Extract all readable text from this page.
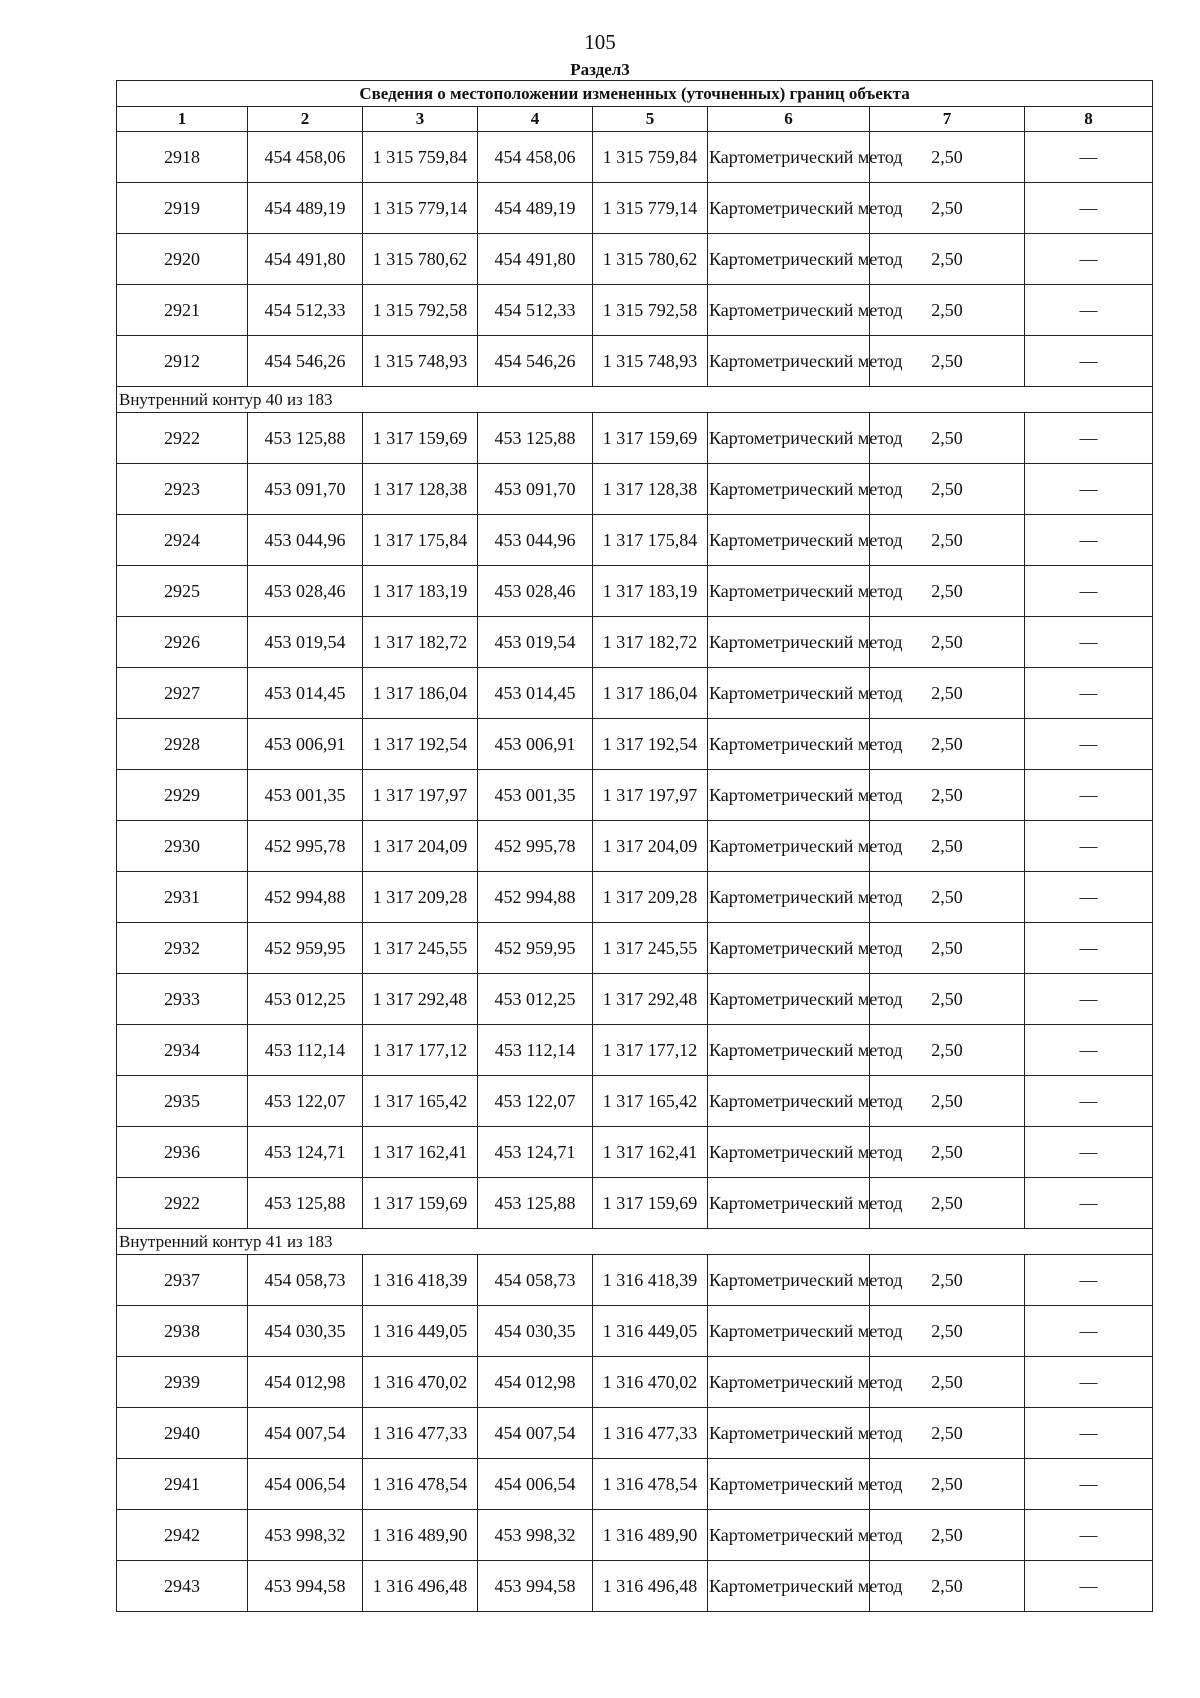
105
Раздел3
Сведения о местоположении измененных (уточненных) границ объекта							
1	2	3	4	5	6	7	8
2918	454 458,06	1 315 759,84	454 458,06	1 315 759,84	Картометрический метод	2,50	—
2919	454 489,19	1 315 779,14	454 489,19	1 315 779,14	Картометрический метод	2,50	—
2920	454 491,80	1 315 780,62	454 491,80	1 315 780,62	Картометрический метод	2,50	—
2921	454 512,33	1 315 792,58	454 512,33	1 315 792,58	Картометрический метод	2,50	—
2912	454 546,26	1 315 748,93	454 546,26	1 315 748,93	Картометрический метод	2,50	—
Внутренний контур 40 из 183							
2922	453 125,88	1 317 159,69	453 125,88	1 317 159,69	Картометрический метод	2,50	—
2923	453 091,70	1 317 128,38	453 091,70	1 317 128,38	Картометрический метод	2,50	—
2924	453 044,96	1 317 175,84	453 044,96	1 317 175,84	Картометрический метод	2,50	—
2925	453 028,46	1 317 183,19	453 028,46	1 317 183,19	Картометрический метод	2,50	—
2926	453 019,54	1 317 182,72	453 019,54	1 317 182,72	Картометрический метод	2,50	—
2927	453 014,45	1 317 186,04	453 014,45	1 317 186,04	Картометрический метод	2,50	—
2928	453 006,91	1 317 192,54	453 006,91	1 317 192,54	Картометрический метод	2,50	—
2929	453 001,35	1 317 197,97	453 001,35	1 317 197,97	Картометрический метод	2,50	—
2930	452 995,78	1 317 204,09	452 995,78	1 317 204,09	Картометрический метод	2,50	—
2931	452 994,88	1 317 209,28	452 994,88	1 317 209,28	Картометрический метод	2,50	—
2932	452 959,95	1 317 245,55	452 959,95	1 317 245,55	Картометрический метод	2,50	—
2933	453 012,25	1 317 292,48	453 012,25	1 317 292,48	Картометрический метод	2,50	—
2934	453 112,14	1 317 177,12	453 112,14	1 317 177,12	Картометрический метод	2,50	—
2935	453 122,07	1 317 165,42	453 122,07	1 317 165,42	Картометрический метод	2,50	—
2936	453 124,71	1 317 162,41	453 124,71	1 317 162,41	Картометрический метод	2,50	—
2922	453 125,88	1 317 159,69	453 125,88	1 317 159,69	Картометрический метод	2,50	—
Внутренний контур 41 из 183							
2937	454 058,73	1 316 418,39	454 058,73	1 316 418,39	Картометрический метод	2,50	—
2938	454 030,35	1 316 449,05	454 030,35	1 316 449,05	Картометрический метод	2,50	—
2939	454 012,98	1 316 470,02	454 012,98	1 316 470,02	Картометрический метод	2,50	—
2940	454 007,54	1 316 477,33	454 007,54	1 316 477,33	Картометрический метод	2,50	—
2941	454 006,54	1 316 478,54	454 006,54	1 316 478,54	Картометрический метод	2,50	—
2942	453 998,32	1 316 489,90	453 998,32	1 316 489,90	Картометрический метод	2,50	—
2943	453 994,58	1 316 496,48	453 994,58	1 316 496,48	Картометрический метод	2,50	—
